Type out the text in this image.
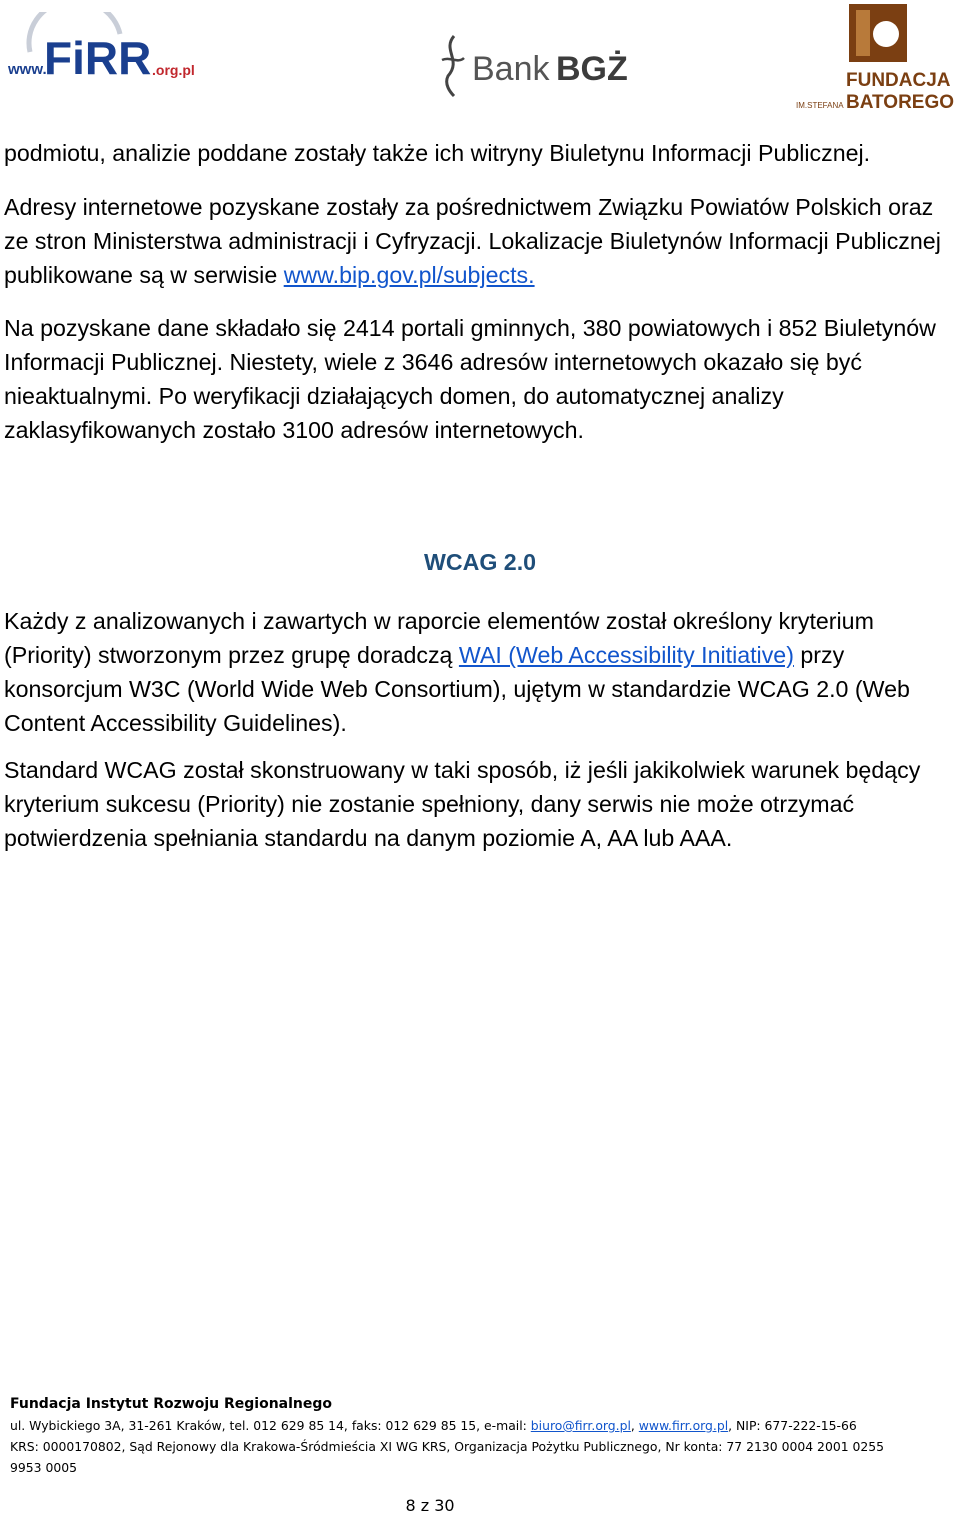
www.
FiRR .org.pl	Bank BGŻ	FUNDACJA
IM.STEFANA BATOREGO

podmiotu, analizie poddane zostały także ich witryny Biuletynu Informacji Publicznej.

Adresy internetowe pozyskane zostały za pośrednictwem Związku Powiatów Polskich oraz ze stron Ministerstwa administracji i Cyfryzacji. Lokalizacje Biuletynów Informacji Publicznej publikowane są w serwisie www.bip.gov.pl/subjects.

Na pozyskane dane składało się 2414 portali gminnych, 380 powiatowych i 852 Biuletynów Informacji Publicznej. Niestety, wiele z 3646 adresów internetowych okazało się być nieaktualnymi. Po weryfikacji działających domen, do automatycznej analizy zaklasyfikowanych zostało 3100 adresów internetowych.

WCAG 2.0

Każdy z analizowanych i zawartych w raporcie elementów został określony kryterium (Priority) stworzonym przez grupę doradczą WAI (Web Accessibility Initiative) przy konsorcjum W3C (World Wide Web Consortium), ujętym w standardzie WCAG 2.0 (Web Content Accessibility Guidelines).

Standard WCAG został skonstruowany w taki sposób, iż jeśli jakikolwiek warunek będący kryterium sukcesu (Priority) nie zostanie spełniony, dany serwis nie może otrzymać potwierdzenia spełniania standardu na danym poziomie A, AA lub AAA.

Fundacja Instytut Rozwoju Regionalnego
ul. Wybickiego 3A, 31-261 Kraków, tel. 012 629 85 14, faks: 012 629 85 15, e-mail: biuro@firr.org.pl, www.firr.org.pl, NIP: 677-222-15-66
KRS: 0000170802, Sąd Rejonowy dla Krakowa-Śródmieścia XI WG KRS, Organizacja Pożytku Publicznego, Nr konta: 77 2130 0004 2001 0255
9953 0005
8 z 30
